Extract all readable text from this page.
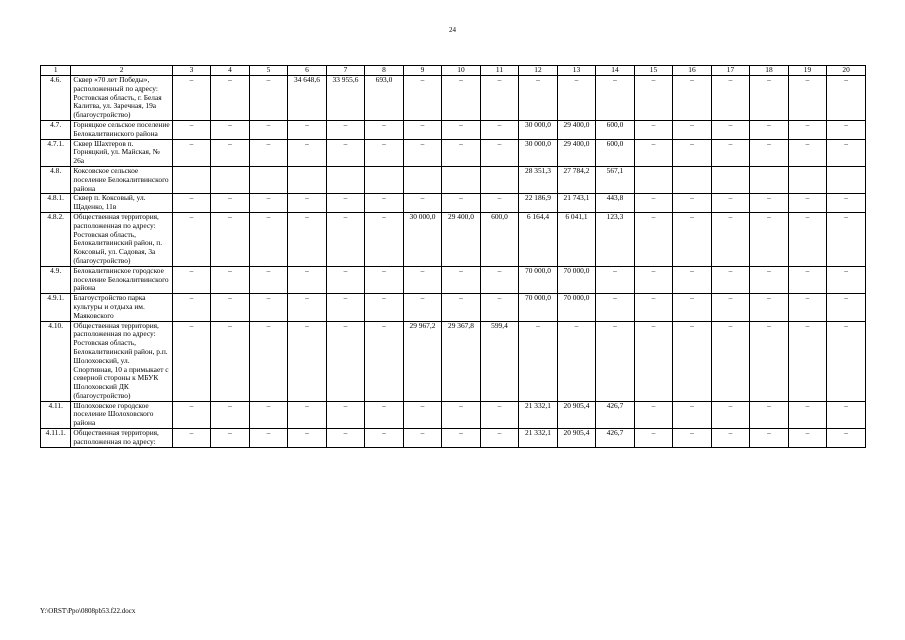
24
1	2	3	4	5	6	7	8	9	10	11	12	13	14	15	16	17	18	19	20
4.6.	Сквер «70 лет Победы», расположенный по адресу: Ростовская область, г. Белая Калитва, ул. Заречная, 19а (благоустройство)	–	–	–	34 648,6	33 955,6	693,0	–	–	–	–	–	–	–	–	–	–	–	–
4.7.	Горняцкое сельское поселение Белокалитвинского района	–	–	–	–	–	–	–	–	–	30 000,0	29 400,0	600,0	–	–	–	–	–	–
4.7.1.	Сквер Шахтеров п. Горняцкий, ул. Майская, № 26а	–	–	–	–	–	–	–	–	–	30 000,0	29 400,0	600,0	–	–	–	–	–	–
4.8.	Коксовское сельское поселение Белокалитвинского района										28 351,3	27 784,2	567,1						
4.8.1.	Сквер п. Коксовый, ул. Щаденко, 11в	–	–	–	–	–	–	–	–	–	22 186,9	21 743,1	443,8	–	–	–	–	–	–
4.8.2.	Общественная территория, расположенная по адресу: Ростовская область, Белокалитвинский район, п. Коксовый, ул. Садовая, 3а (благоустройство)	–	–	–	–	–	–	30 000,0	29 400,0	600,0	6 164,4	6 041,1	123,3	–	–	–	–	–	–
4.9.	Белокалитвинское городское поселение Белокалитвинского района	–	–	–	–	–	–	–	–	–	70 000,0	70 000,0	–	–	–	–	–	–	–
4.9.1.	Благоустройство парка культуры и отдыха им. Маяковского	–	–	–	–	–	–	–	–	–	70 000,0	70 000,0	–	–	–	–	–	–	–
4.10.	Общественная территория, расположенная по адресу: Ростовская область, Белокалитвинский район, р.п. Шолоховский, ул. Спортивная, 10 а примыкает с северной стороны к МБУК Шолоховский ДК (благоустройство)	–	–	–	–	–	–	29 967,2	29 367,8	599,4	–	–	–	–	–	–	–	–	–
4.11.	Шолоховское городское поселение Шолоховского района	–	–	–	–	–	–	–	–	–	21 332,1	20 905,4	426,7	–	–	–	–	–	–
4.11.1.	Общественная территория, расположенная по адресу:	–	–	–	–	–	–	–	–	–	21 332,1	20 905,4	426,7	–	–	–	–	–	–
Y:\ORST\Ppo\0808pb53.f22.docx
